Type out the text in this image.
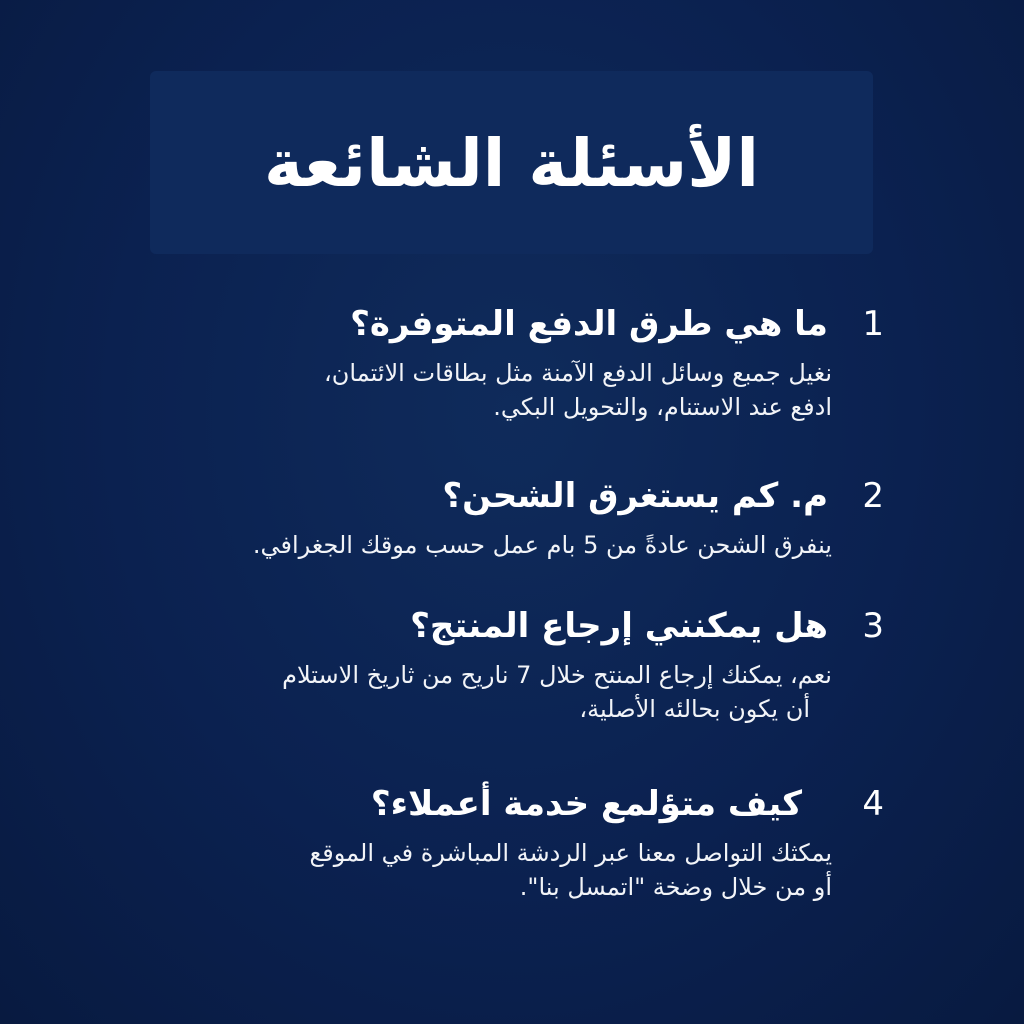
الأسئلة الشائعة
1
ما هي طرق الدفع المتوفرة؟
نغيل جمبع وسائل الدفع الآمنة مثل بطاقات الائتمان،
ادفع عند الاستنام، والتحويل البكي.
2
م. كم يستغرق الشحن؟
ينفرق الشحن عادةً من 5 بام عمل حسب موقك الجغرافي.
3
هل يمكنني إرجاع المنتج؟
نعم، يمكنك إرجاع المنتح خلال 7 ناريح من ثاريخ الاستلام
أن يكون بحالئه الأصلية،
4
كيف متؤلمع خدمة أعملاء؟
يمكثك التواصل معنا عبر الردشة المباشرة في الموقع
أو من خلال وضخة "اتمسل بنا".
